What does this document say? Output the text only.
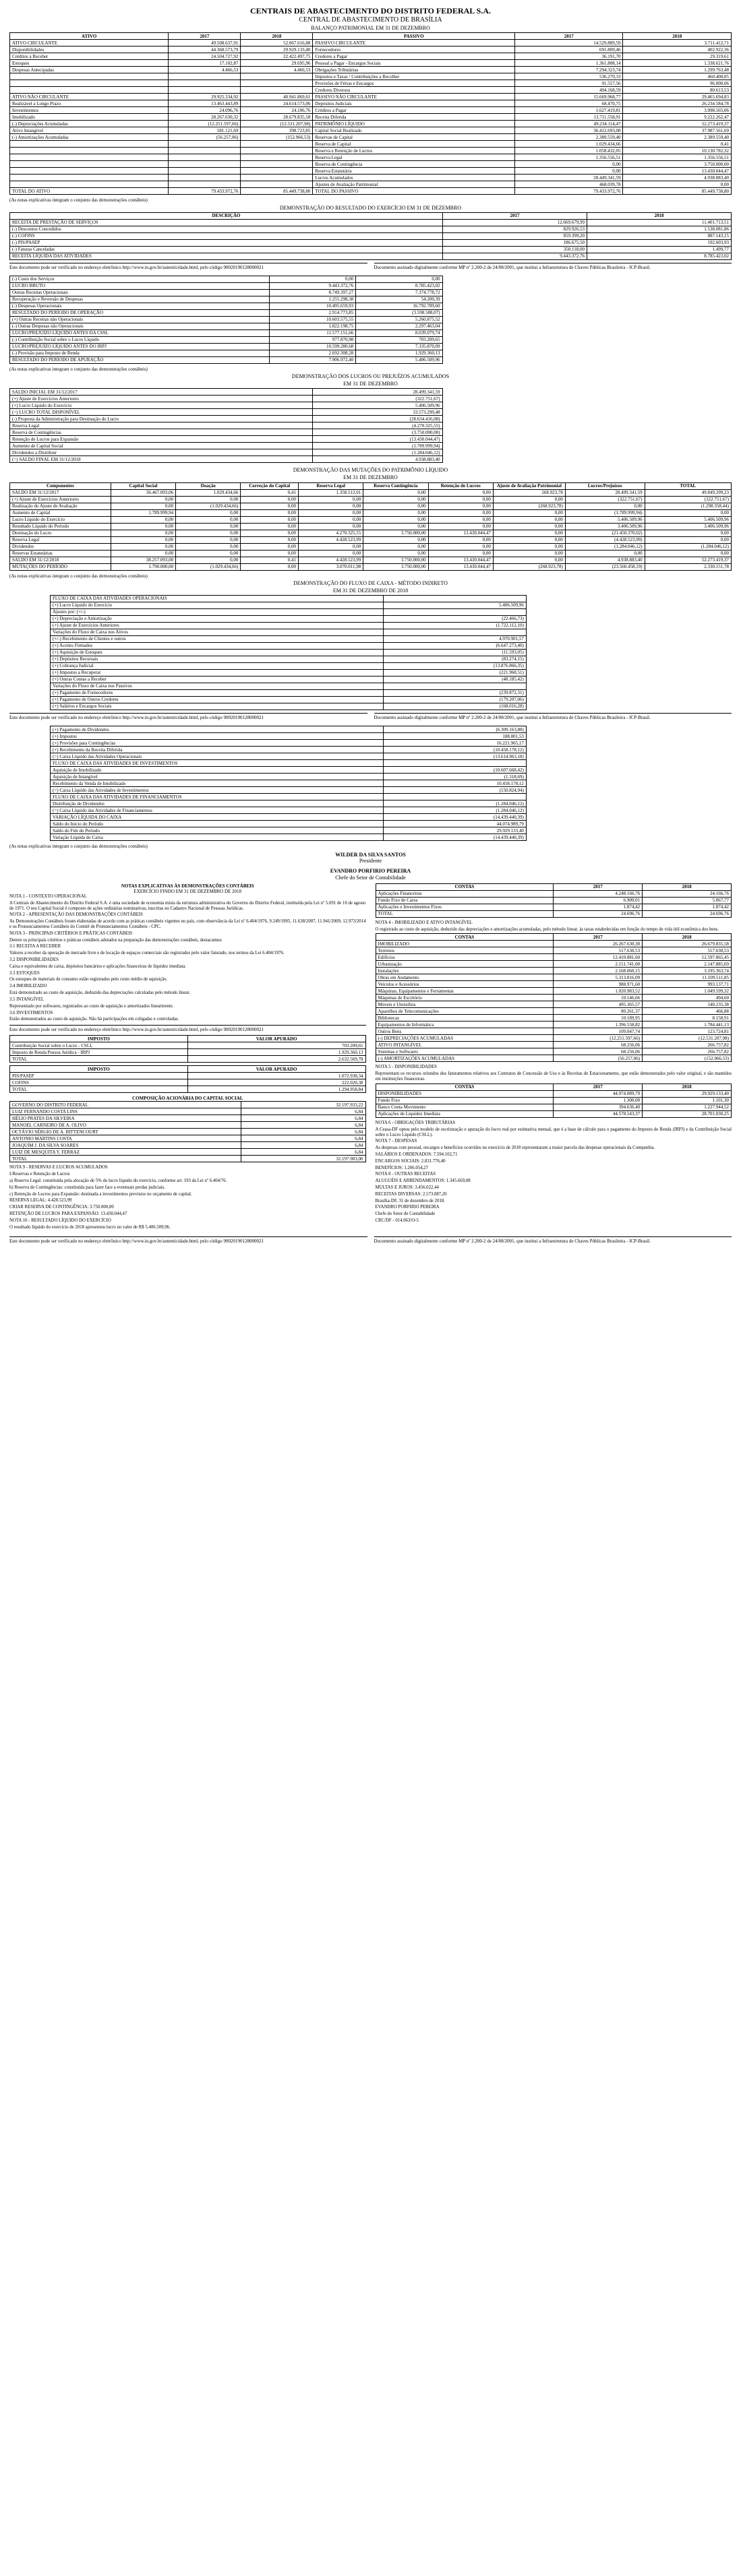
CENTRAIS DE ABASTECIMENTO DO DISTRITO FEDERAL S.A.
CENTRAL DE ABASTECIMENTO DE BRASÍLIA
BALANÇO PATRIMONIAL EM 31 DE DEZEMBRO
ATIVO	2017	2018	PASSIVO	2017	2018
ATIVO CIRCULANTE	49.508.637,91	52.067.616,88	PASSIVO CIRCULANTE	14.529.889,59	3.711.412,71
Disponibilidades	44.368.573,79	29.929.133,40	Fornecedores	691.809,46	402.922,36
Créditos a Receber	24.504.727,92	22.422.497,75	Credores a Pagar	36.191,70	29.319,61
Estoques	17.102,87	29.695,96	Pessoal a Pagar - Encargos Sociais	1.361.808,14	1.338.621,76
Despesas Antecipadas	4.466,53	4.466,53	Obrigações Tributárias	7.294.323,74	1.299.763,48
			Impostos e Taxas / Contribuições a Recolher	536.279,33	460.408,85
			Provisões de Férias e Encargos	91.557,56	96.000,06
			Credores Diversos	494.168,59	80.613,53
ATIVO NÃO CIRCULANTE	29.925.334,92	40.941.869,61	PASSIVO NÃO CIRCULANTE	15.669.968,77	29.465.694,83
Realizável a Longo Prazo	13.463.443,89	24.614.573,06	Depósitos Judiciais	68.470,75	26.234.584,78
Investimentos	24.096,76	24.106,76	Créditos a Pagar	1.627.419,81	3.098.565,06
Imobilizado	28.267.630,32	28.679.835,58	Receita Diferida	13.711.558,91	9.222.262,47
(-) Depreciações Acumuladas	(12.251.597,66)	(12.531.207,98)	PATRIMÔNIO LÍQUIDO	49.234.114,47	52.273.419,37
Ativo Intangível	581.121,69	398.723,85	Capital Social Realizado	36.412.693,08	37.987.561,69
(-) Amortizações Acumuladas	(56.257,06)	(152.966,53)	Reservas de Capital	2.389.559,40	2.389.559,40
			Reserva de Capital	1.029.434,66	0,41
			Reserva e Retenção de Lucros	1.058.432,05	10.130.782,32
			Reserva Legal	1.356.556,51	1.356.556,51
			Reserva de Contingência	0,00	3.750.000,00
			Reserva Estatutária	0,00	13.430.044,47
			Lucros Acumulados	28.449.341,59	4.938.883,40
			Ajustes de Avaliação Patrimonial	468.039,78	0,00
TOTAL DO ATIVO	79.433.972,76	85.449.738,80	TOTAL DO PASSIVO	79.433.972,76	85.449.738,80
(As notas explicativas integram o conjunto das demonstrações contábeis)
DEMONSTRAÇÃO DO RESULTADO DO EXERCÍCIO EM 31 DE DEZEMBRO
DESCRIÇÃO	2017	2018
RECEITA DE PRESTAÇÃO DE SERVIÇOS	12.669.679,99	11.401.713,51
(-) Descontos Concedidos	829.926,53	1.538.081,86
(-) COFINS	859.399,20	887.143,15
(-) PIS/PASEP	186.675,50	192.603,93
(-) Faturas Canceladas	350.118,00	1.499,77
RECEITA LÍQUIDA DAS ATIVIDADES	9.443.372,76	8.785.423,02
Este documento pode ser verificado no endereço eletrônico http://www.in.gov.br/autenticidade.html, pelo código 90020190128000021	Documento assinado digitalmente conforme MP nº 2.200-2 de 24/08/2001, que institui a Infraestrutura de Chaves Públicas Brasileira - ICP-Brasil.
(-) Custo dos Serviços	0,00	0,00
LUCRO BRUTO	9.443.372,76	8.785.423,02
Outras Receitas Operacionais	8.749.397,27	7.374.778,72
Recuperação e Reversão de Despesas	1.255.298,38	54.200,39
(-) Despesas Operacionais	10.495.659,93	16.792.789,60
RESULTADO DO PERÍODO DE OPERAÇÃO	2.914.773,85	(3.598.588,07)
(+) Outras Receitas não Operacionais	10.603.575,55	5.260.875,52
(-) Outras Despesas não Operacionais	1.822.198,75	2.297.463,04
LUCRO/PREJUÍZO LÍQUIDO ANTES DA CSSL	11.577.151,66	8.039.079,74
(-) Contribuição Social sobre o Lucro Líquido	977.870,98	703.209,65
LUCRO/PREJUÍZO LÍQUIDO ANTES DO IRPJ	10.599.280,68	7.335.870,09
(-) Provisão para Imposto de Renda	2.692.308,28	1.929.360,13
RESULTADO DO PERÍODO DE APURAÇÃO	7.906.972,40	5.406.509,96
(As notas explicativas integram o conjunto das demonstrações contábeis)
DEMONSTRAÇÃO DOS LUCROS OU PREJUÍZOS ACUMULADOS
EM 31 DE DEZEMBRO
SALDO INICIAL EM 31/12/2017	28.499.341,59
(+) Ajuste de Exercícios Anteriores	(322.751,67)
(+) Lucro Líquido do Exercício	5.406.509,96
(=) LUCRO TOTAL DISPONÍVEL	33.573.299,48
(-) Proposta da Administração para Destinação do Lucro	(28.634.416,08)
Reserva Legal	(4.270.325,55)
Reserva de Contingências	(3.750.000,00)
Retenção de Lucros para Expansão	(13.430.044,47)
Aumento de Capital Social	(1.789.999,94)
Dividendos a Distribuir	(1.284.046,12)
(=) SALDO FINAL EM 31/12/2018	4.938.883,40
DEMONSTRAÇÃO DAS MUTAÇÕES DO PATRIMÔNIO LÍQUIDO
EM 31 DE DEZEMBRO
Componentes	Capital Social	Doação	Correção do Capital	Reserva Legal	Reserva Contingência	Retenção de Lucros	Ajuste de Avaliação Patrimonial	Lucros/Prejuízos	TOTAL
SALDO EM 31/12/2017	36.467.093,06	1.029.434,66	0,41	1.358.512,01	0,00	0,00	268.923,78	28.499.341,59	49.849.299,23
(+) Ajuste de Exercícios Anteriores	0,00	0,00	0,00	0,00	0,00	0,00	0,00	(322.751,67)	(322.751,67)
Realização do Ajuste de Avaliação	0,00	(1.029.434,66)	0,00	0,00	0,00	0,00	(268.923,78)	0,00	(1.298.358,44)
Aumento de Capital	1.789.999,94	0,00	0,00	0,00	0,00	0,00	0,00	(1.789.999,94)	0,00
Lucro Líquido do Exercício	0,00	0,00	0,00	0,00	0,00	0,00	0,00	5.406.509,96	5.406.509,96
Resultado Líquido do Período	0,00	0,00	0,00	0,00	0,00	0,00	0,00	3.406.509,96	3.406.509,96
Destinação do Lucro	0,00	0,00	0,00	4.270.325,55	3.750.000,00	13.430.044,47	0,00	(21.450.370,02)	0,00
Reserva Legal	0,00	0,00	0,00	4.428.523,99	0,00	0,00	0,00	(4.428.523,99)	0,00
Dividendos	0,00	0,00	0,00	0,00	0,00	0,00	0,00	(1.284.046,12)	(1.284.046,12)
Reservas Estatutárias	0,00	0,00	0,00	0,00	0,00	0,00	0,00	0,00	0,00
SALDO EM 31/12/2018	38.257.093,00	0,00	0,41	4.428.523,99	3.750.000,00	13.430.044,47	0,00	4.938.883,40	52.273.419,37
MUTAÇÕES DO PERÍODO	1.790.000,00	(1.029.434,66)	0,00	3.070.011,98	3.750.000,00	13.430.044,47	(268.923,78)	(23.560.458,19)	2.330.151,78
(As notas explicativas integram o conjunto das demonstrações contábeis)
DEMONSTRAÇÃO DO FLUXO DE CAIXA - MÉTODO INDIRETO
EM 31 DE DEZEMBRO DE 2018
FLUXO DE CAIXA DAS ATIVIDADES OPERACIONAIS	
(+) Lucro Líquido do Exercício	5.406.509,96
Ajustes por: (+/-)	
(+) Depreciação e Amortização	(22.466,73)
(+) Ajuste de Exercícios Anteriores	(1.722.112,10)
Variações do Fluxo de Caixa nos Ativos	
(+/-) Recebimento de Clientes e outros	4.970.901,57
(+) Aceites Firmados	(6.647.273,40)
(+) Aquisição de Estoques	(11.593,05)
(+) Depósitos Recursais	(83.274,15)
(+) Cobrança Judicial	(13.876.866,35)
(+) Impostos a Recuperar	(221.968,51)
(+) Outras Contas a Receber	(48.185,42)
Variações do Fluxo de Caixa nos Passivos	
(+) Pagamento de Fornecedores	(239.872,31)
(+) Pagamento de Outros Credores	(179.207,06)
(+) Salários e Encargos Sociais	(168.016,28)
Este documento pode ser verificado no endereço eletrônico http://www.in.gov.br/autenticidade.html, pelo código 90020190128000021	Documento assinado digitalmente conforme MP nº 2.200-2 de 24/08/2001, que institui a Infraestrutura de Chaves Públicas Brasileira - ICP-Brasil.
(+) Pagamento de Dividendos	(6.309.163,88)
(+) Impostos	188.801,53
(+) Provisões para Contingências	16.221.965,17
(+) Recebimento da Receita Diferida	(10.458.178,12)
(=) Caixa Líquido das Atividades Operacionais	(13.614.963,18)
FLUXO DE CAIXA DAS ATIVIDADES DE INVESTIMENTOS	
Aquisição de Imobilizado	(10.607.668,42)
Aquisição de Intangível	(1.318,69)
Recebimento da Venda de Imobilizado	10.458.178,12
(=) Caixa Líquido das Atividades de Investimentos	(150.824,94)
FLUXO DE CAIXA DAS ATIVIDADES DE FINANCIAMENTOS	
Distribuição de Dividendos	(1.284.046,12)
(=) Caixa Líquido das Atividades de Financiamentos	(1.284.046,12)
VARIAÇÃO LÍQUIDA DO CAIXA	(14.439.440,39)
Saldo do Início do Período	44.074.989,79
Saldo do Fim do Período	29.929.133,40
Variação Líquida do Caixa	(14.439.440,39)
(As notas explicativas integram o conjunto das demonstrações contábeis)
WILDER DA SILVA SANTOS
Presidente
EVANDRO PORFIRIO PEREIRA
Chefe do Setor de Contabilidade
NOTAS EXPLICATIVAS ÀS DEMONSTRAÇÕES CONTÁBEIS
EXERCÍCIO FINDO EM 31 DE DEZEMBRO DE 2018

NOTA 1 - CONTEXTO OPERACIONAL

A Centrais de Abastecimento do Distrito Federal S.A. é uma sociedade de economia mista da estrutura administrativa do Governo do Distrito Federal, instituída pela Lei nº 5.691 de 10 de agosto de 1971. O seu Capital Social é composto de ações ordinárias nominativas, inscritas no Cadastro Nacional de Pessoas Jurídicas.

NOTA 2 - APRESENTAÇÃO DAS DEMONSTRAÇÕES CONTÁBEIS

As Demonstrações Contábeis foram elaboradas de acordo com as práticas contábeis vigentes no país, com observância da Lei nº 6.404/1976, 9.249/1995, 11.638/2007, 11.941/2009, 12.973/2014 e os Pronunciamentos Contábeis do Comitê de Pronunciamentos Contábeis - CPC.

NOTA 3 - PRINCIPAIS CRITÉRIOS E PRÁTICAS CONTÁBEIS

Dentre os principais critérios e práticas contábeis adotados na preparação das demonstrações contábeis, destacamos:

3.1 RECEITA A RECEBER

Valores a receber da operação de mercado livre e de locação de espaços comerciais são registrados pelo valor faturado, nos termos da Lei 6.404/1976.

3.2 DISPONIBILIDADES

Caixa e equivalentes de caixa, depósitos bancários e aplicações financeiras de liquidez imediata.

3.3 ESTOQUES

Os estoques de materiais de consumo estão registrados pelo custo médio de aquisição.

3.4 IMOBILIZADO

Está demonstrado ao custo de aquisição, deduzido das depreciações calculadas pelo método linear.

3.5 INTANGÍVEL

Representado por softwares, registrados ao custo de aquisição e amortizados linearmente.

3.6 INVESTIMENTOS

Estão demonstrados ao custo de aquisição. Não há participações em coligadas e controladas.

Este documento pode ser verificado no endereço eletrônico http://www.in.gov.br/autenticidade.html, pelo código 90020190128000021
IMPOSTO	VALOR APURADO
Contribuição Social sobre o Lucro - CSLL	703.209,65
Imposto de Renda Pessoa Jurídica - IRPJ	1.929.360,13
TOTAL	2.632.569,78
IMPOSTO	VALOR APURADO
PIS/PASEP	1.072.938,34
COFINS	222.020,38
TOTAL	1.294.958,84
COMPOSIÇÃO ACIONÁRIA DO CAPITAL SOCIAL
GOVERNO DO DISTRITO FEDERAL	32.197.933,22
LUIZ FERNANDO COSTA LINS	6,84
HÉLIO PRATES DA SILVEIRA	6,84
MANOEL CARNEIRO DE A. OLIVO	6,84
OCTÁVIO SÉRGIO DE A. BITTENCOURT	6,84
ANTONIO MARTINS COSTA	6,84
JOAQUIM J. DA SILVA SOARES	6,84
LUIZ DE MESQUITA Y. FERRAZ	6,84
TOTAL	32.197.903,00

NOTA 9 - RESERVAS E LUCROS ACUMULADOS

I-Reservas e Retenção de Lucros

a) Reserva Legal: constituída pela alocação de 5% do lucro líquido do exercício, conforme art. 193 da Lei nº 6.404/76.

b) Reserva de Contingências: constituída para fazer face a eventuais perdas judiciais.

c) Retenção de Lucros para Expansão: destinada a investimentos previstos no orçamento de capital.

RESERVA LEGAL: 4.428.523,99

CRIAR RESERVA DE CONTINGÊNCIA: 3.750.000,00

RETENÇÃO DE LUCROS PARA EXPANSÃO: 13.430.044,47

NOTA 10 - RESULTADO LÍQUIDO DO EXERCÍCIO

O resultado líquido do exercício de 2018 apresentou lucro no valor de R$ 5.406.509,96.

CONTAS	2017	2018
Aplicações Financeiras	4.248.166,76	24.166,76
Fundo Fixo de Caixa	6.900,01	5.067,77
Aplicações e Investimentos Fixos	1.874,42	1.874,42
TOTAL	24.696,76	24.696,76

NOTA 4 - IMOBILIZADO E ATIVO INTANGÍVEL

O registrado ao custo de aquisição, deduzido das depreciações e amortizações acumuladas, pelo método linear, às taxas estabelecidas em função do tempo de vida útil econômica dos bens.

CONTAS	2017	2018
IMOBILIZADO	26.267.630,30	26.679.835,58
Terrenos	517.630,53	517.630,53
Edifícios	12.410.881,60	12.597.865,45
Urbanização	2.151.741,00	2.147.885,69
Instalações	2.168.060,15	3.195.363,74
Obras em Andamento	5.313.816,09	11.109.511,85
Veículos e Acessórios	988.971,60	993.137,71
Máquinas, Equipamentos e Ferramentas	1.020.983,52	1.049.599,32
Máquinas de Escritório	10.146,66	494,60
Móveis e Utensílios	495.365,57	540.235,38
Aparelhos de Telecomunicações	80.261,37	466,88
Bibliotecas	10.189,95	8.158,91
Equipamentos de Informática	1.396.558,82	1.784.441,13
Outros Bens	109.047,74	123.724,81
(-) DEPRECIAÇÕES ACUMULADAS	(12.251.597,66)	(12.531.207,98)
ATIVO INTANGÍVEL	68.256,06	266.757,82
Sistemas e Softwares	68.256,06	266.757,82
(-) AMORTIZAÇÕES ACUMULADAS	(56.257,06)	(152.966,53)

NOTA 5 - DISPONIBILIDADES

Representam os recursos oriundos dos faturamentos relativos aos Contratos de Concessão de Uso e às Receitas de Estacionamento, que estão demonstrados pelo valor original, e são mantidos em instituições financeiras.

CONTAS	2017	2018
DISPONIBILIDADES	44.974.089,79	29.929.133,40
Fundo Fixo	1.300,00	1.101,30
Banco Conta Movimento	394.636,40	1.227.944,52
Aplicações de Liquidez Imediata	44.578.543,37	28.701.030,25

NOTA 6 - OBRIGAÇÕES TRIBUTÁRIAS

A Ceasa-DF optou pelo modelo de escrituração e apuração do lucro real por estimativa mensal, que é a base de cálculo para o pagamento do Imposto de Renda (IRPJ) e da Contribuição Social sobre o Lucro Líquido (CSLL).

NOTA 7 - DESPESAS

As despesas com pessoal, encargos e benefícios ocorridos no exercício de 2018 representaram a maior parcela das despesas operacionais da Companhia.

SALÁRIOS E ORDENADOS: 7.594.102,71

ENCARGOS SOCIAIS: 2.831.776,40

BENEFÍCIOS: 1.206.054,27

NOTA 8 - OUTRAS RECEITAS

ALUGUÉIS E ARRENDAMENTOS: 1.345.669,08

MULTAS E JUROS: 3.456.022,44

RECEITAS DIVERSAS: 2.573.087,20

Brasília-DF, 31 de dezembro de 2018.

EVANDRO PORFIRIO PEREIRA

Chefe do Setor de Contabilidade

CRC/DF - 014.063/O-5

Este documento pode ser verificado no endereço eletrônico http://www.in.gov.br/autenticidade.html, pelo código 90020190128000021	Documento assinado digitalmente conforme MP nº 2.200-2 de 24/08/2001, que institui a Infraestrutura de Chaves Públicas Brasileira - ICP-Brasil.
